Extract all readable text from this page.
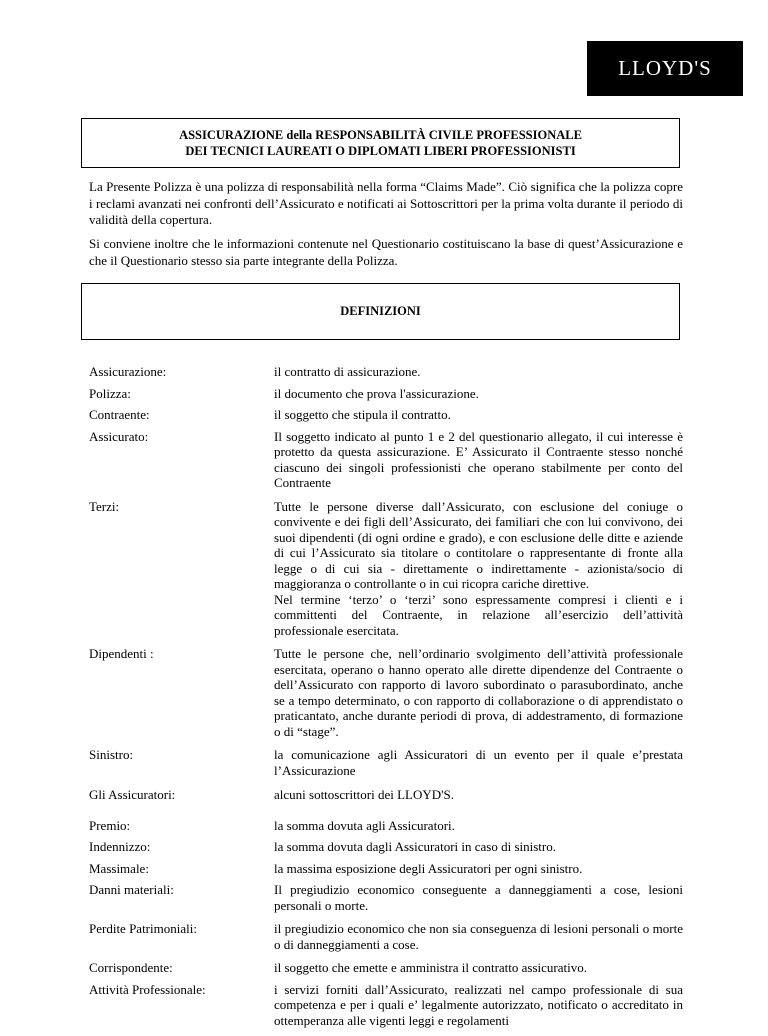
LLOYD'S
ASSICURAZIONE della RESPONSABILITÀ CIVILE PROFESSIONALE
DEI TECNICI LAUREATI O DIPLOMATI LIBERI PROFESSIONISTI
La Presente Polizza è una polizza di responsabilità nella forma “Claims Made”. Ciò significa che la polizza copre i reclami avanzati nei confronti dell’Assicurato e notificati ai Sottoscrittori per la prima volta durante il periodo di validità della copertura.
Si conviene inoltre che le informazioni contenute nel Questionario costituiscano la base di quest’Assicurazione e che il Questionario stesso sia parte integrante della Polizza.
DEFINIZIONI
Assicurazione:	il contratto di assicurazione.
Polizza:	il documento che prova l'assicurazione.
Contraente:	il soggetto che stipula il contratto.
Assicurato:	Il soggetto indicato al punto 1 e 2 del questionario allegato, il cui interesse è protetto da questa assicurazione. E’ Assicurato il Contraente stesso nonché ciascuno dei singoli professionisti che operano stabilmente per conto del Contraente
Terzi:	Tutte le persone diverse dall’Assicurato, con esclusione del coniuge o convivente e dei figli dell’Assicurato, dei familiari che con lui convivono, dei suoi dipendenti (di ogni ordine e grado), e con esclusione delle ditte e aziende di cui l’Assicurato sia titolare o contitolare o rappresentante di fronte alla legge o di cui sia - direttamente o indirettamente - azionista/socio di maggioranza o controllante o in cui ricopra cariche direttive.
Nel termine ‘terzo’ o ‘terzi’ sono espressamente compresi i clienti e i committenti del Contraente, in relazione all’esercizio dell’attività professionale esercitata.
Dipendenti :	Tutte le persone che, nell’ordinario svolgimento dell’attività professionale esercitata, operano o hanno operato alle dirette dipendenze del Contraente o dell’Assicurato con rapporto di lavoro subordinato o parasubordinato, anche se a tempo determinato, o con rapporto di collaborazione o di apprendistato o praticantato, anche durante periodi di prova, di addestramento, di formazione o di “stage”.
Sinistro:	la comunicazione agli Assicuratori di un evento per il quale e’prestata l’Assicurazione
Gli Assicuratori:	alcuni sottoscrittori dei LLOYD'S.
Premio:	la somma dovuta agli Assicuratori.
Indennizzo:	la somma dovuta dagli Assicuratori in caso di sinistro.
Massimale:	la massima esposizione degli Assicuratori per ogni sinistro.
Danni materiali:	Il pregiudizio economico conseguente a danneggiamenti a cose, lesioni personali o morte.
Perdite Patrimoniali:	il pregiudizio economico che non sia conseguenza di lesioni personali o morte o di danneggiamenti a cose.
Corrispondente:	il soggetto che emette e amministra il contratto assicurativo.
Attività Professionale:	i servizi forniti dall’Assicurato, realizzati nel campo professionale di sua competenza e per i quali e’ legalmente autorizzato, notificato o accreditato in ottemperanza alle vigenti leggi e regolamenti
